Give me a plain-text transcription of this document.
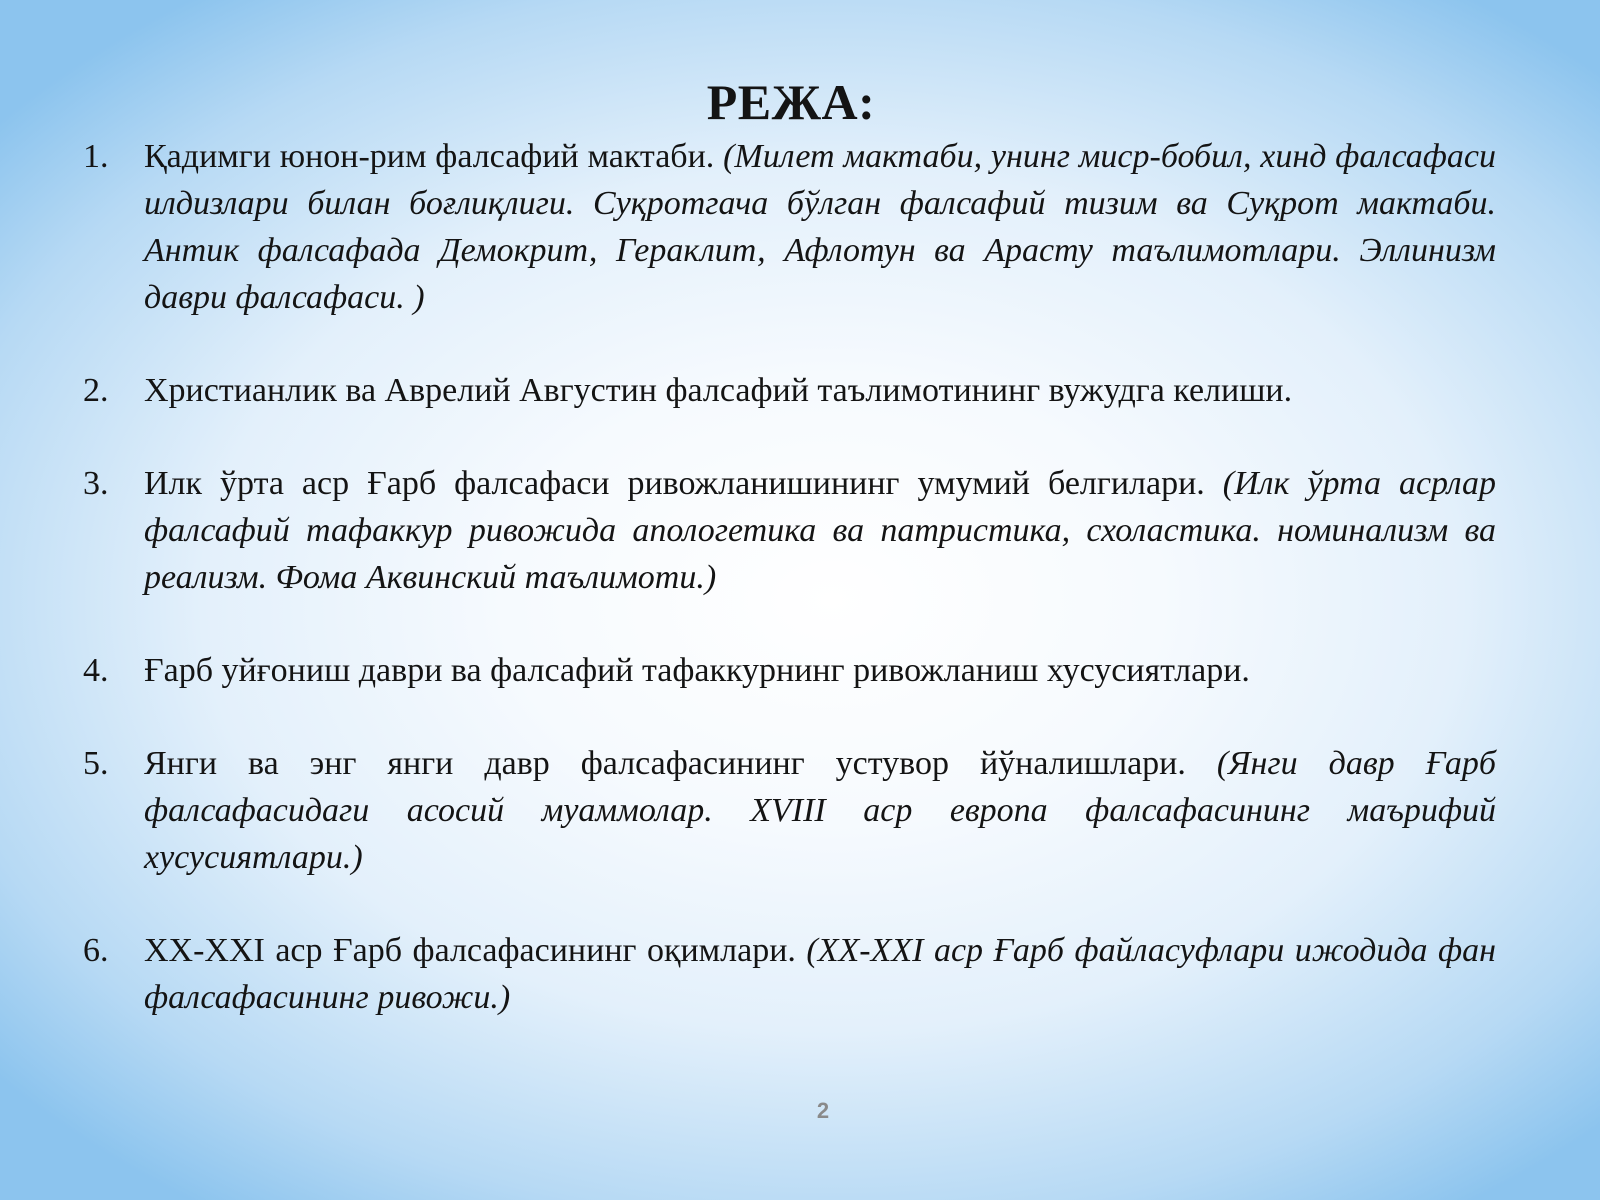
РЕЖА:
1. Қадимги юнон-рим фалсафий мактаби. (Милет мактаби, унинг миср-бобил, хинд фалсафаси илдизлари билан боғлиқлиги. Суқротгача бўлган фалсафий тизим ва Суқрот мактаби. Антик фалсафада Демокрит, Гераклит, Афлотун ва Арасту таълимотлари. Эллинизм даври фалсафаси. )

2. Христианлик ва Аврелий Августин фалсафий таълимотининг вужудга келиши.

3. Илк ўрта аср Ғарб фалсафаси ривожланишининг умумий белгилари. (Илк ўрта асрлар фалсафий тафаккур ривожида апологетика ва патристика, схоластика. номинализм ва реализм. Фома Аквинский таълимоти.)

4. Ғарб уйғониш даври ва фалсафий тафаккурнинг ривожланиш хусусиятлари.

5. Янги ва энг янги давр фалсафасининг устувор йўналишлари. (Янги давр Ғарб фалсафасидаги асосий муаммолар. XVIII аср европа фалсафасининг маърифий хусусиятлари.)

6. XX-XXI аср Ғарб фалсафасининг оқимлари. (XX-XXI аср Ғарб файласуфлари ижодида фан фалсафасининг ривожи.)

2
